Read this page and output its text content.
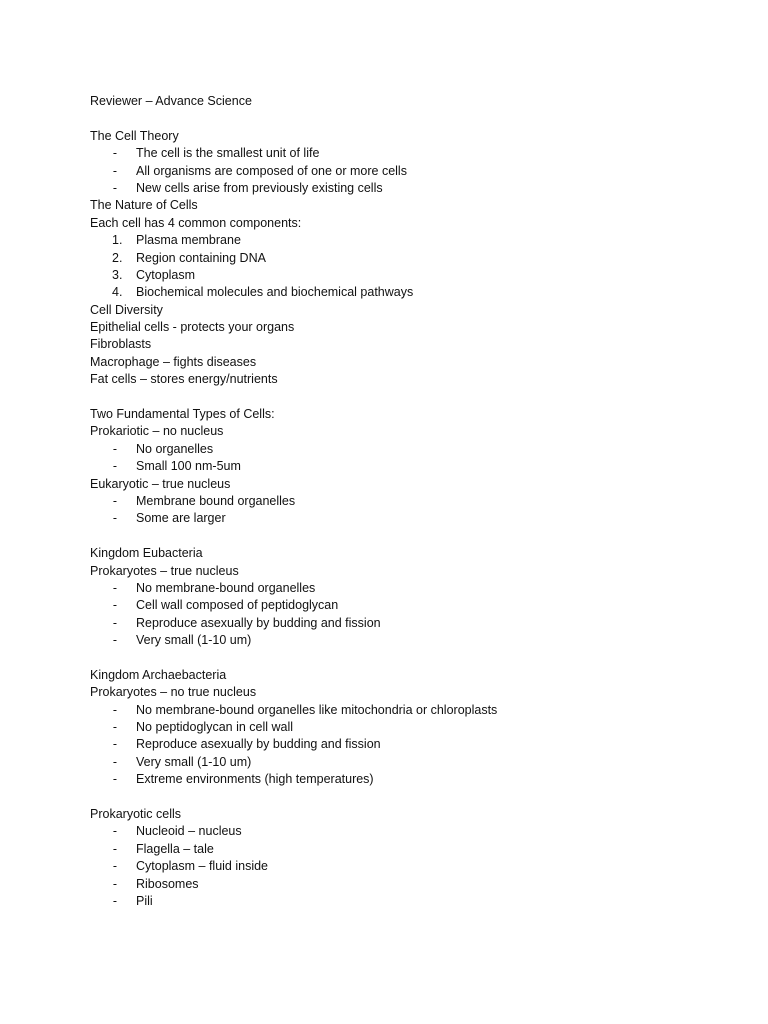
Reviewer – Advance Science
The Cell Theory
- The cell is the smallest unit of life
- All organisms are composed of one or more cells
- New cells arise from previously existing cells
The Nature of Cells
Each cell has 4 common components:
1.	Plasma membrane
2.	Region containing DNA
3.	Cytoplasm
4.	Biochemical molecules and biochemical pathways
Cell Diversity
Epithelial cells - protects your organs
Fibroblasts
Macrophage – fights diseases
Fat cells – stores energy/nutrients
Two Fundamental Types of Cells:
Prokariotic – no nucleus
- No organelles
- Small 100 nm-5um
Eukaryotic – true nucleus
- Membrane bound organelles
- Some are larger
Kingdom Eubacteria
Prokaryotes – true nucleus
- No membrane-bound organelles
- Cell wall composed of peptidoglycan
- Reproduce asexually by budding and fission
- Very small (1-10 um)
Kingdom Archaebacteria
Prokaryotes – no true nucleus
- No membrane-bound organelles like mitochondria or chloroplasts
- No peptidoglycan in cell wall
- Reproduce asexually by budding and fission
- Very small (1-10 um)
- Extreme environments (high temperatures)
Prokaryotic cells
- Nucleoid – nucleus
- Flagella – tale
- Cytoplasm – fluid inside
- Ribosomes
- Pili
